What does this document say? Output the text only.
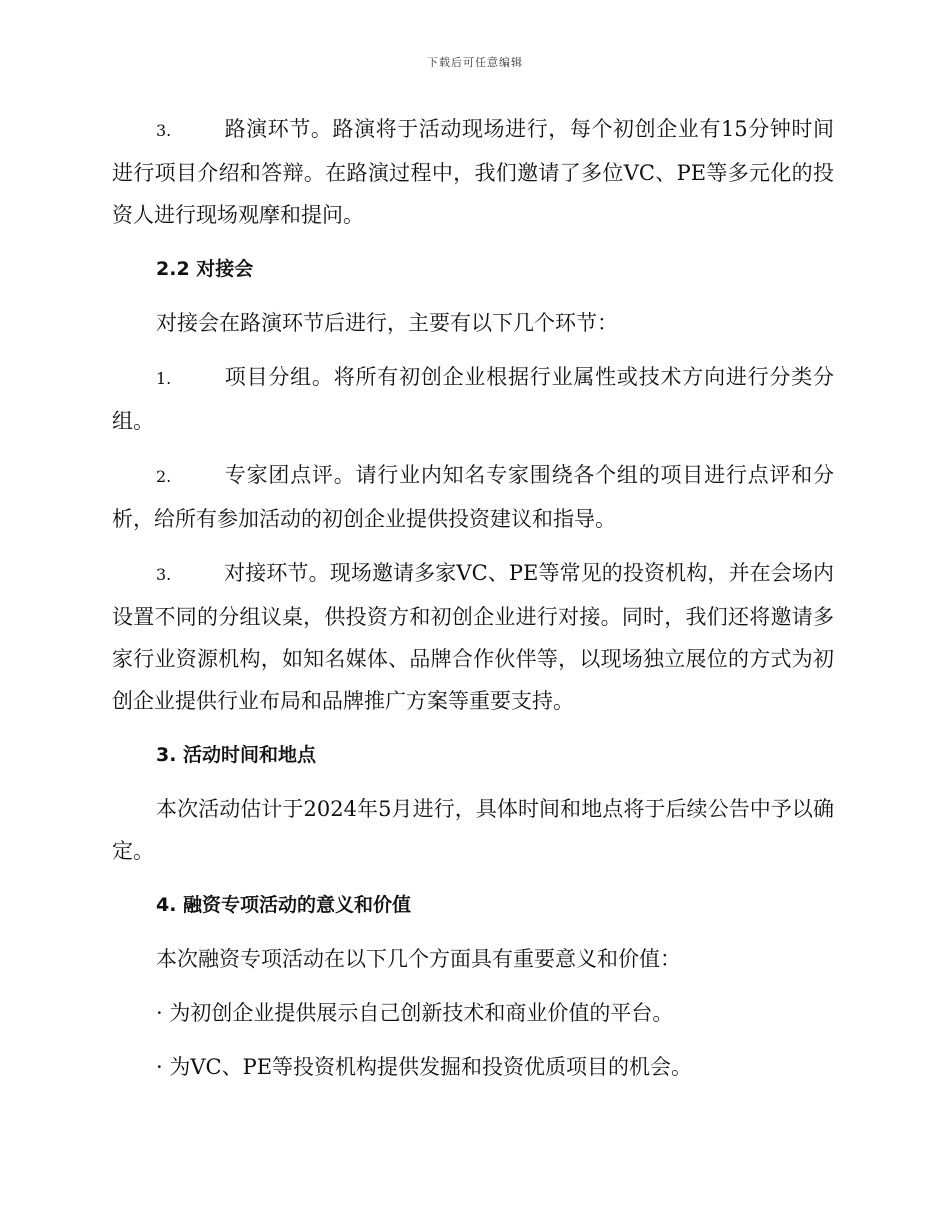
下载后可任意编辑

3.	路演环节。路演将于活动现场进行，每个初创企业有15分钟时间进行项目介绍和答辩。在路演过程中，我们邀请了多位VC、PE等多元化的投资人进行现场观摩和提问。

2.2 对接会

对接会在路演环节后进行，主要有以下几个环节：

1.	项目分组。将所有初创企业根据行业属性或技术方向进行分类分组。

2.	专家团点评。请行业内知名专家围绕各个组的项目进行点评和分析，给所有参加活动的初创企业提供投资建议和指导。

3.	对接环节。现场邀请多家VC、PE等常见的投资机构，并在会场内设置不同的分组议桌，供投资方和初创企业进行对接。同时，我们还将邀请多家行业资源机构，如知名媒体、品牌合作伙伴等，以现场独立展位的方式为初创企业提供行业布局和品牌推广方案等重要支持。

3. 活动时间和地点

本次活动估计于2024年5月进行，具体时间和地点将于后续公告中予以确定。

4. 融资专项活动的意义和价值

本次融资专项活动在以下几个方面具有重要意义和价值：

· 为初创企业提供展示自己创新技术和商业价值的平台。

· 为VC、PE等投资机构提供发掘和投资优质项目的机会。
